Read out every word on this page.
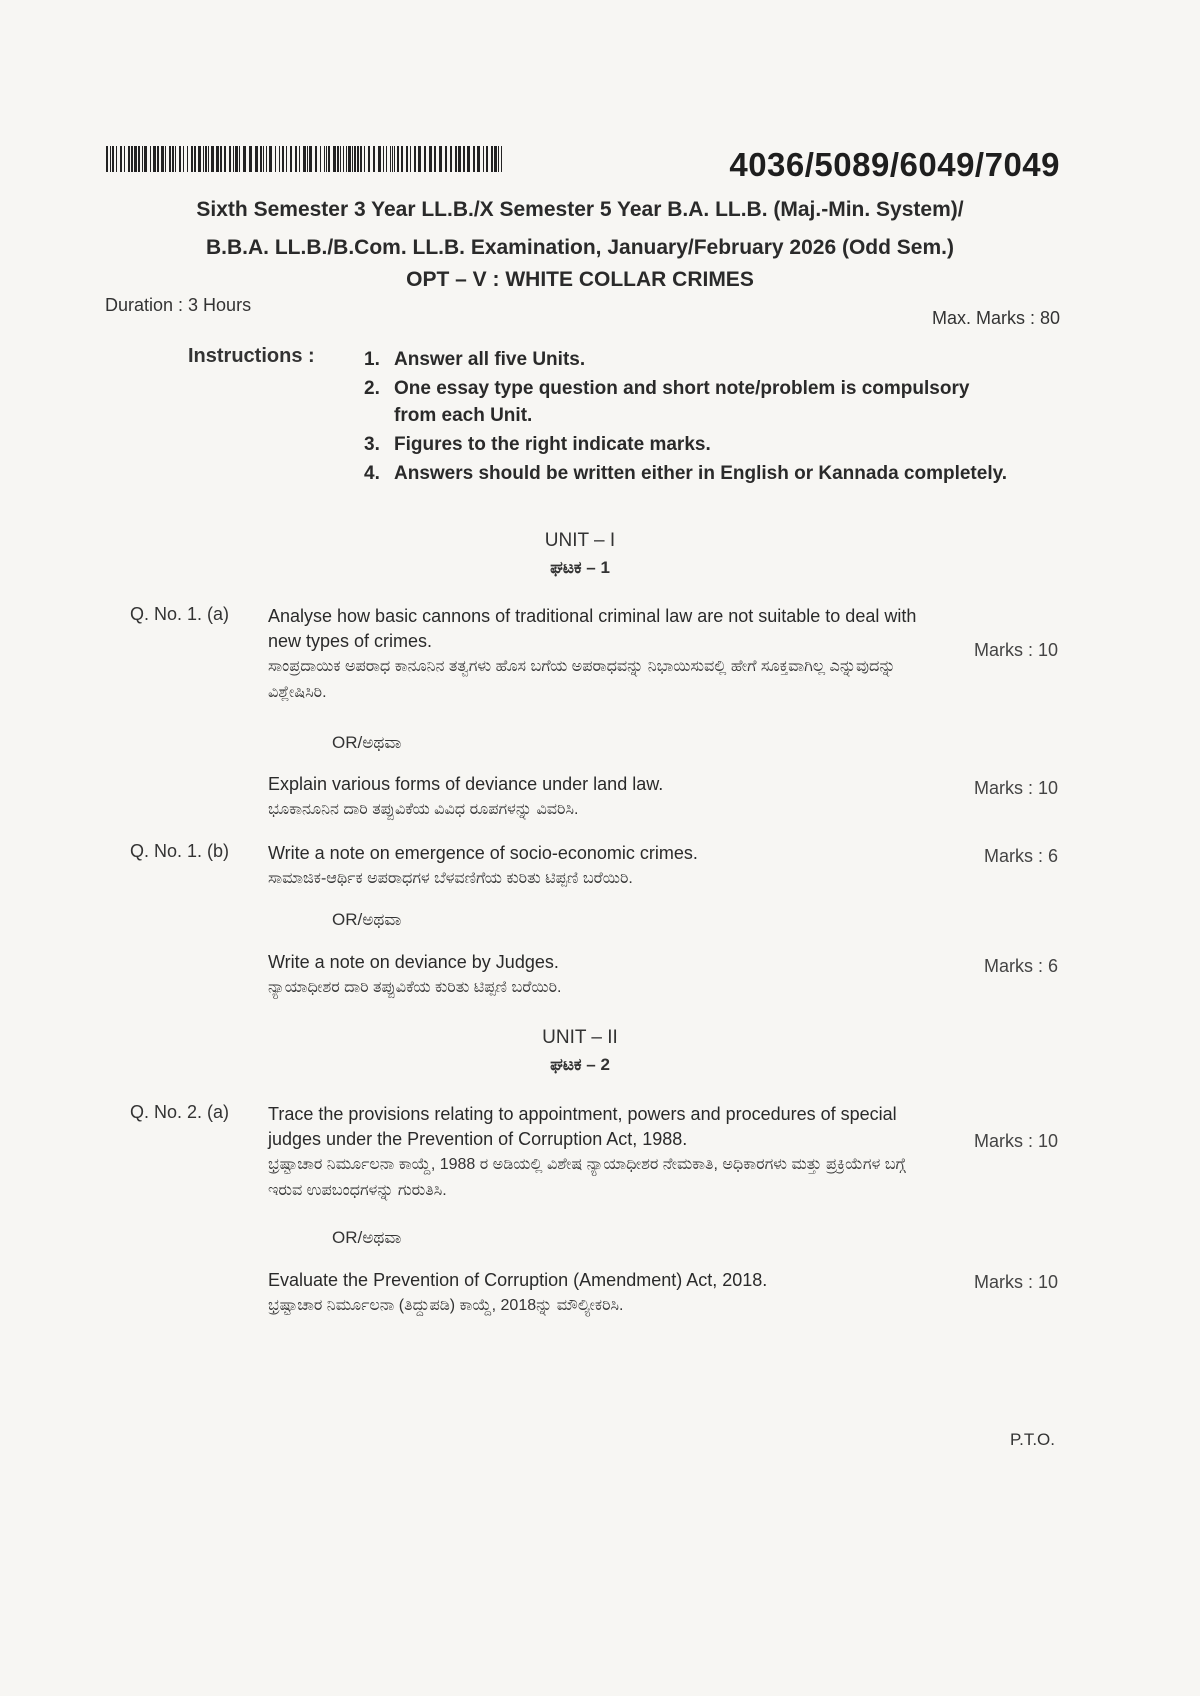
4036/5089/6049/7049
Sixth Semester 3 Year LL.B./X Semester 5 Year B.A. LL.B. (Maj.-Min. System)/
B.B.A. LL.B./B.Com. LL.B. Examination, January/February 2026 (Odd Sem.)
OPT – V : WHITE COLLAR CRIMES
Duration : 3 Hours
Max. Marks : 80
Instructions :	1. Answer all five Units.
2. One essay type question and short note/problem is compulsory from each Unit.
3. Figures to the right indicate marks.
4. Answers should be written either in English or Kannada completely.
UNIT – I
ಘಟಕ – 1
Q. No. 1. (a) Analyse how basic cannons of traditional criminal law are not suitable to deal with new types of crimes.
ಸಾಂಪ್ರದಾಯಿಕ ಅಪರಾಧ ಕಾನೂನಿನ ತತ್ವಗಳು ಹೊಸ ಬಗೆಯ ಅಪರಾಧವನ್ನು ನಿಭಾಯಿಸುವಲ್ಲಿ ಹೇಗೆ ಸೂಕ್ತವಾಗಿಲ್ಲ ಎನ್ನುವುದನ್ನು ವಿಶ್ಲೇಷಿಸಿರಿ.
Marks : 10
OR/ಅಥವಾ
Explain various forms of deviance under land law.
ಭೂಕಾನೂನಿನ ದಾರಿ ತಪ್ಪುವಿಕೆಯ ವಿವಿಧ ರೂಪಗಳನ್ನು ವಿವರಿಸಿ.
Marks : 10
Q. No. 1. (b) Write a note on emergence of socio-economic crimes.
ಸಾಮಾಜಿಕ-ಆರ್ಥಿಕ ಅಪರಾಧಗಳ ಬೆಳವಣಿಗೆಯ ಕುರಿತು ಟಿಪ್ಪಣಿ ಬರೆಯಿರಿ.
Marks : 6
OR/ಅಥವಾ
Write a note on deviance by Judges.
ನ್ಯಾಯಾಧೀಶರ ದಾರಿ ತಪ್ಪುವಿಕೆಯ ಕುರಿತು ಟಿಪ್ಪಣಿ ಬರೆಯಿರಿ.
Marks : 6
UNIT – II
ಘಟಕ – 2
Q. No. 2. (a) Trace the provisions relating to appointment, powers and procedures of special judges under the Prevention of Corruption Act, 1988.
ಭ್ರಷ್ಟಾಚಾರ ನಿರ್ಮೂಲನಾ ಕಾಯ್ದೆ, 1988 ರ ಅಡಿಯಲ್ಲಿ ವಿಶೇಷ ನ್ಯಾಯಾಧೀಶರ ನೇಮಕಾತಿ, ಅಧಿಕಾರಗಳು ಮತ್ತು ಪ್ರಕ್ರಿಯೆಗಳ ಬಗ್ಗೆ ಇರುವ ಉಪಬಂಧಗಳನ್ನು ಗುರುತಿಸಿ.
Marks : 10
OR/ಅಥವಾ
Evaluate the Prevention of Corruption (Amendment) Act, 2018.
ಭ್ರಷ್ಟಾಚಾರ ನಿರ್ಮೂಲನಾ (ತಿದ್ದುಪಡಿ) ಕಾಯ್ದೆ, 2018ನ್ನು ಮೌಲ್ಯೀಕರಿಸಿ.
Marks : 10
P.T.O.
